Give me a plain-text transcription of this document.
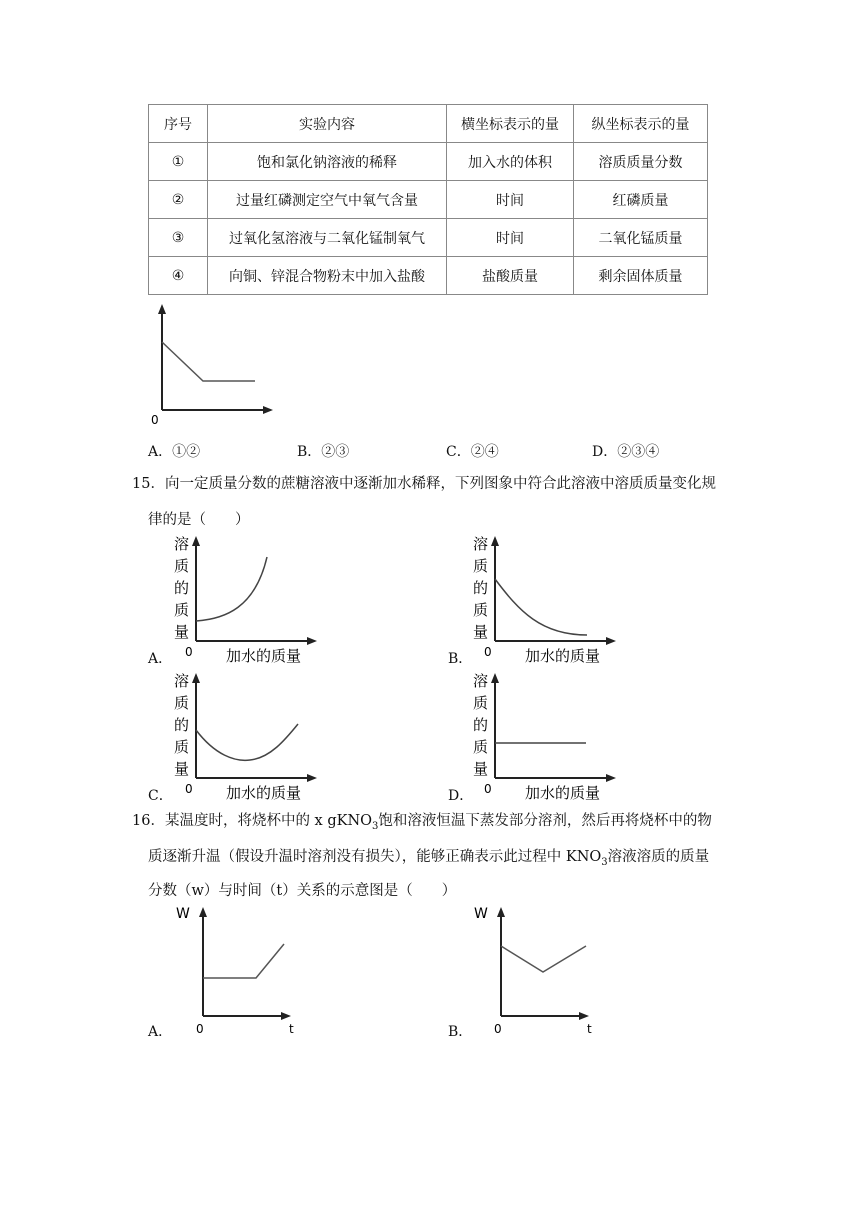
序号	实验内容	横坐标表示的量	纵坐标表示的量
①	饱和氯化钠溶液的稀释	加入水的体积	溶质质量分数
②	过量红磷测定空气中氧气含量	时间	红磷质量
③	过氧化氢溶液与二氧化锰制氧气	时间	二氧化锰质量
④	向铜、锌混合物粉末中加入盐酸	盐酸质量	剩余固体质量
0
A．①②	B．②③	C．②④	D．②③④
15．向一定质量分数的蔗糖溶液中逐渐加水稀释，下列图象中符合此溶液中溶质质量变化规
律的是（　　）
溶
质
的
质
量
0 加水的质量
A．
溶
质
的
质
量
0 加水的质量
B．
溶
质
的
质
量
0 加水的质量
C．
溶
质
的
质
量
0 加水的质量
D．
16．某温度时，将烧杯中的 x gKNO$_3$饱和溶液恒温下蒸发部分溶剂，然后再将烧杯中的物
质逐渐升温（假设升温时溶剂没有损失），能够正确表示此过程中 $KNO_3$溶液溶质的质量
分数（w）与时间（t）关系的示意图是（　　）
W
0	t
A．
W
0	t
B．
